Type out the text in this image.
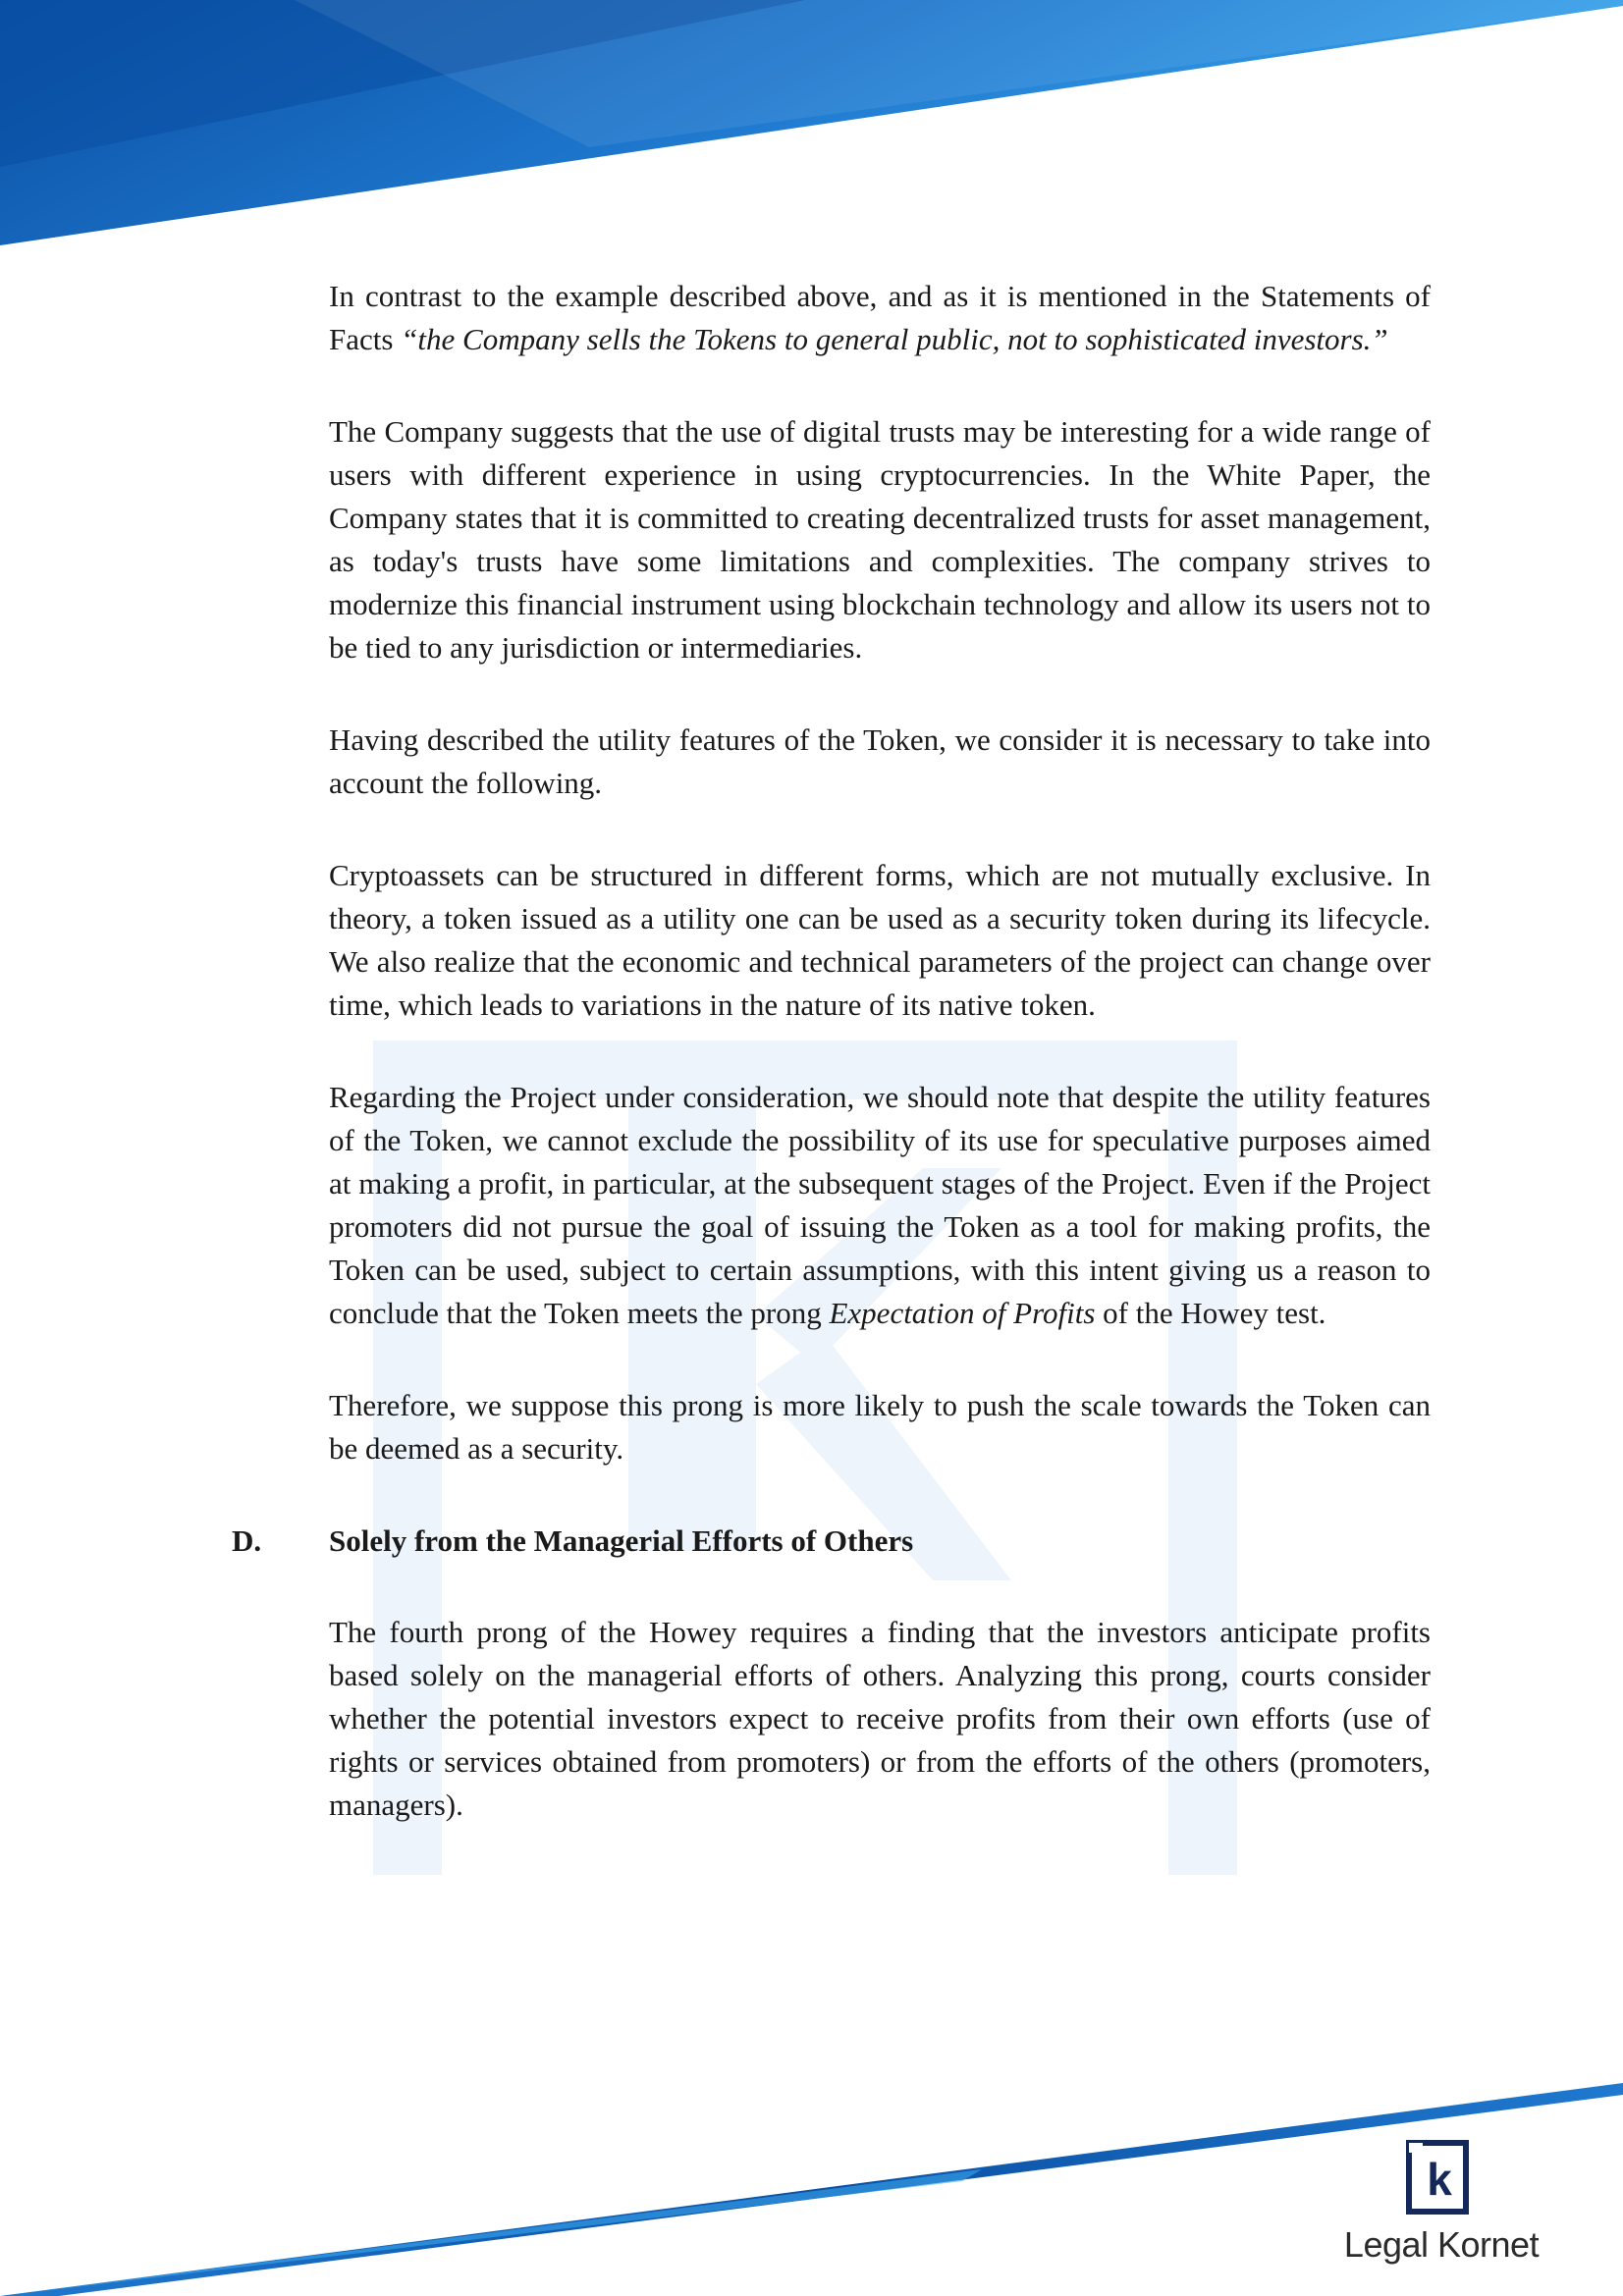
In contrast to the example described above, and as it is mentioned in the Statements of Facts “the Company sells the Tokens to general public, not to sophisticated investors.”

The Company suggests that the use of digital trusts may be interesting for a wide range of users with different experience in using cryptocurrencies. In the White Paper, the Company states that it is committed to creating decentralized trusts for asset management, as today's trusts have some limitations and complexities. The company strives to modernize this financial instrument using blockchain technology and allow its users not to be tied to any jurisdiction or intermediaries.

Having described the utility features of the Token, we consider it is necessary to take into account the following.

Cryptoassets can be structured in different forms, which are not mutually exclusive. In theory, a token issued as a utility one can be used as a security token during its lifecycle. We also realize that the economic and technical parameters of the project can change over time, which leads to variations in the nature of its native token.

Regarding the Project under consideration, we should note that despite the utility features of the Token, we cannot exclude the possibility of its use for speculative purposes aimed at making a profit, in particular, at the subsequent stages of the Project. Even if the Project promoters did not pursue the goal of issuing the Token as a tool for making profits, the Token can be used, subject to certain assumptions, with this intent giving us a reason to conclude that the Token meets the prong Expectation of Profits of the Howey test.

Therefore, we suppose this prong is more likely to push the scale towards the Token can be deemed as a security.

D. Solely from the Managerial Efforts of Others

The fourth prong of the Howey requires a finding that the investors anticipate profits based solely on the managerial efforts of others. Analyzing this prong, courts consider whether the potential investors expect to receive profits from their own efforts (use of rights or services obtained from promoters) or from the efforts of the others (promoters, managers).

k
Legal Kornet
